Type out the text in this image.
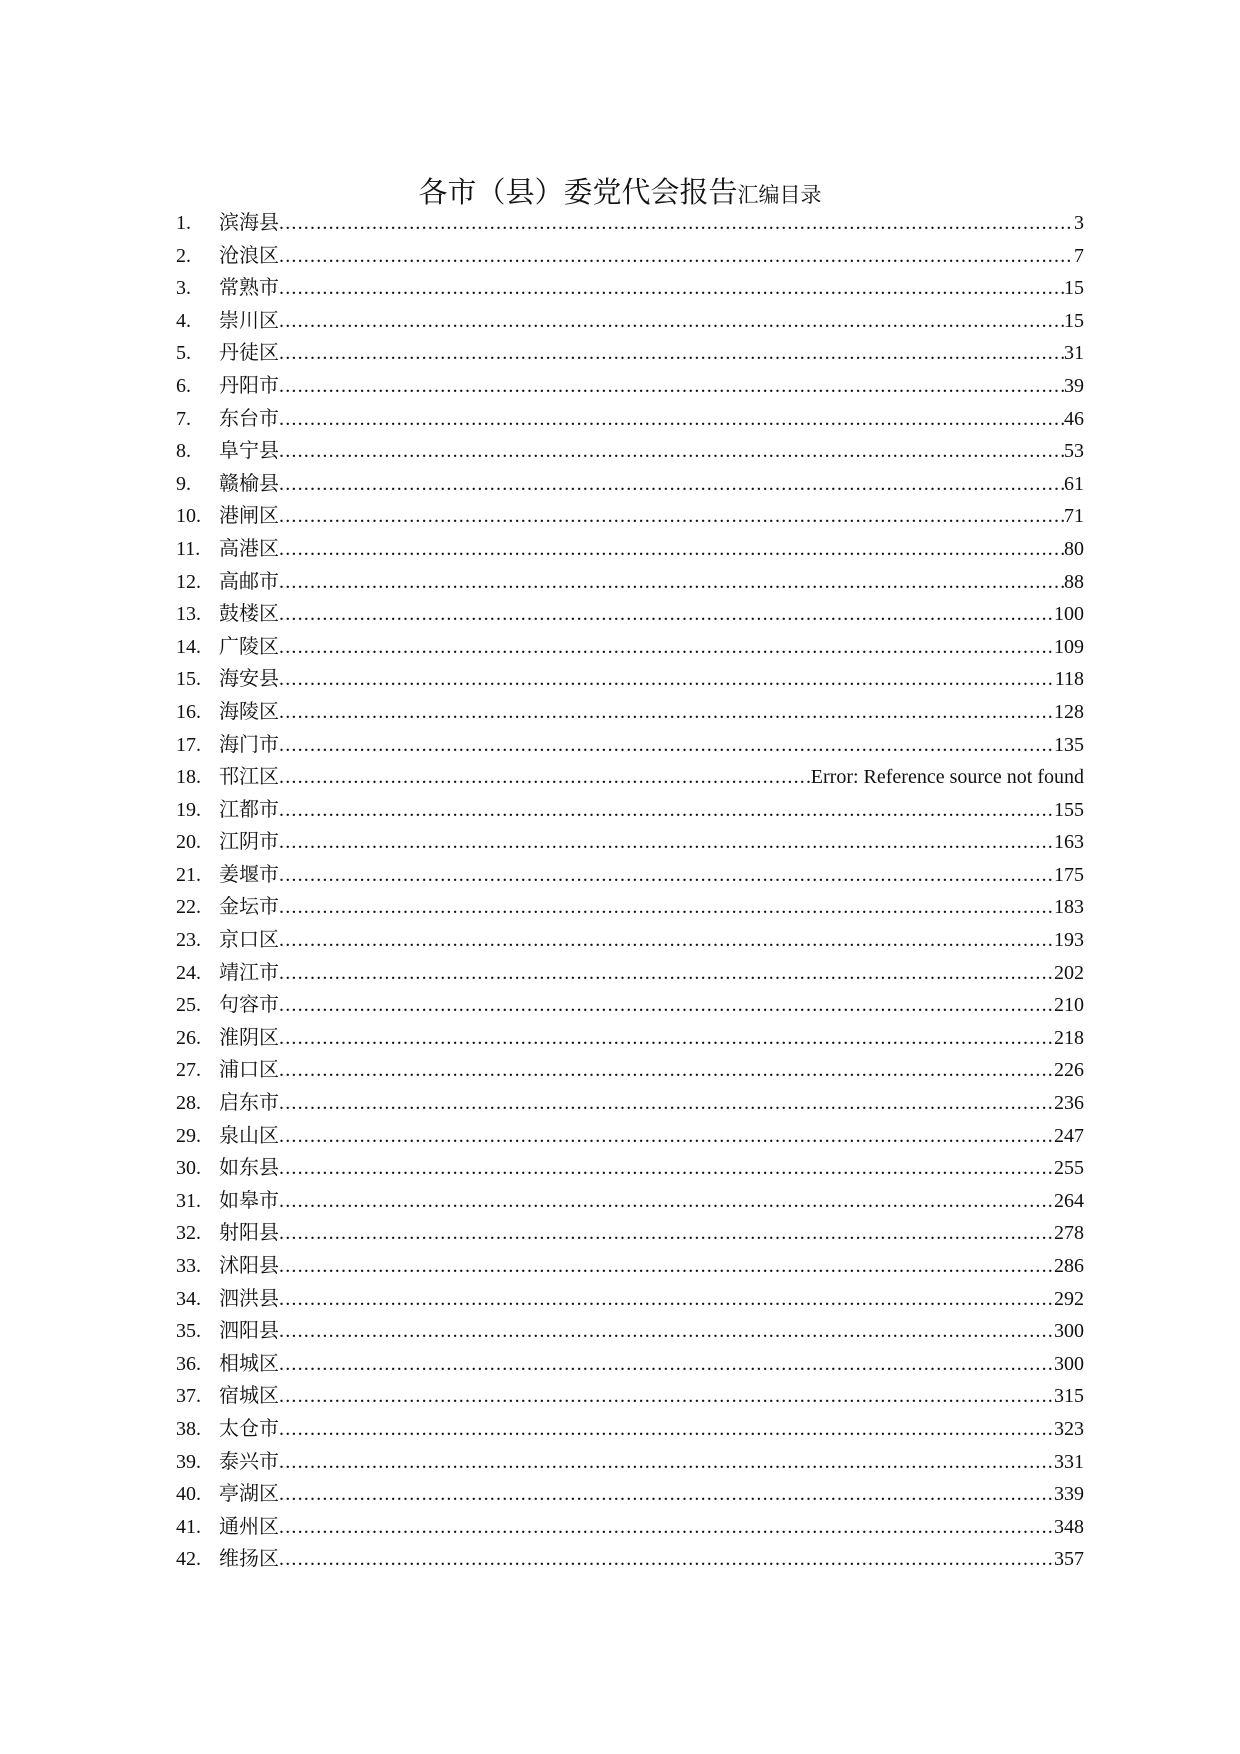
各市（县）委党代会报告汇编目录
1.	滨海县 .....	3
2.	沧浪区 .....	7
3.	常熟市 .....	15
4.	崇川区 .....	15
5.	丹徒区 .....	31
6.	丹阳市 .....	39
7.	东台市 .....	46
8.	阜宁县 .....	53
9.	赣榆县 .....	61
10. 港闸区 .....	71
11. 高港区 .....	80
12. 高邮市 .....	88
13. 鼓楼区 .....	100
14. 广陵区 .....	109
15. 海安县 .....	118
16. 海陵区 .....	128
17. 海门市 .....	135
18. 邗江区 .....	Error: Reference source not found
19. 江都市 .....	155
20. 江阴市 .....	163
21. 姜堰市 .....	175
22. 金坛市 .....	183
23. 京口区 .....	193
24. 靖江市 .....	202
25. 句容市 .....	210
26. 淮阴区 .....	218
27. 浦口区 .....	226
28. 启东市 .....	236
29. 泉山区 .....	247
30. 如东县 .....	255
31. 如皋市 .....	264
32. 射阳县 .....	278
33. 沭阳县 .....	286
34. 泗洪县 .....	292
35. 泗阳县 .....	300
36. 相城区 .....	300
37. 宿城区 .....	315
38. 太仓市 .....	323
39. 泰兴市 .....	331
40. 亭湖区 .....	339
41. 通州区 .....	348
42. 维扬区 .....	357
